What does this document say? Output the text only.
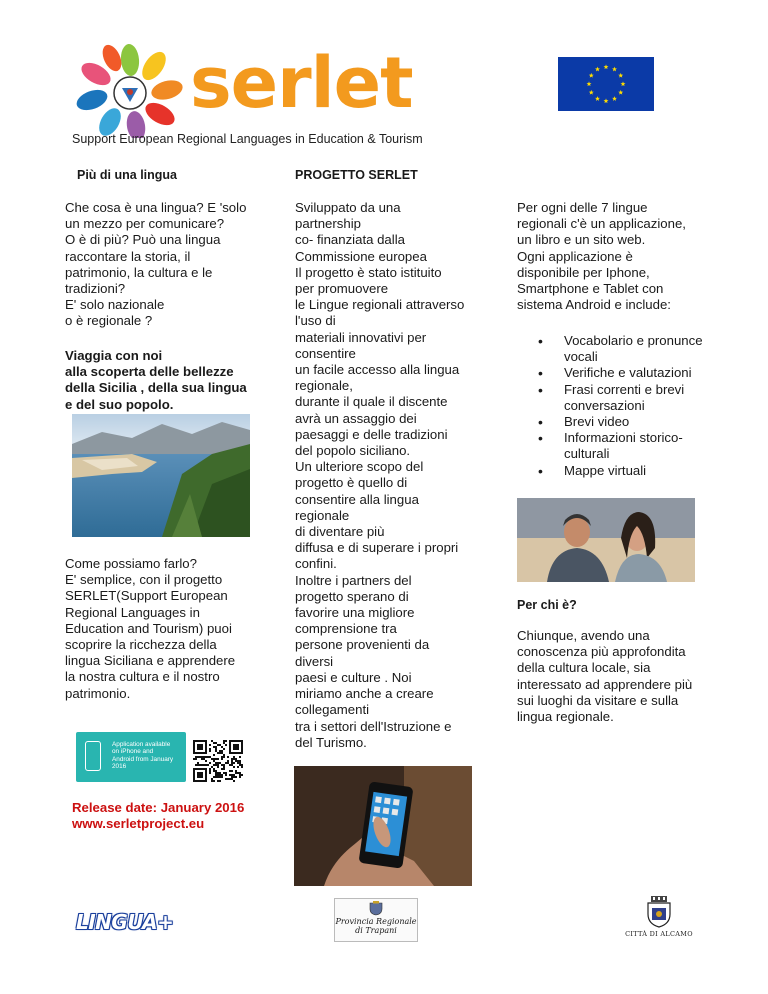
serlet
Support European Regional Languages in Education & Tourism
Più di una lingua
Che cosa è una lingua? E 'solo
un mezzo per comunicare?
O è di più? Può una lingua
raccontare la storia, il
patrimonio, la cultura e le
tradizioni?
E' solo nazionale
o è regionale ?
Viaggia con noi
alla scoperta delle bellezze
della Sicilia , della sua lingua
e del suo popolo.
Come possiamo farlo?
E' semplice, con il progetto
SERLET(Support European
Regional Languages in
Education and Tourism) puoi
scoprire la ricchezza della
lingua Siciliana e apprendere
la nostra cultura e il nostro
patrimonio.
Application available
on iPhone and
Android from January
2016
Release date: January 2016
www.serletproject.eu
PROGETTO SERLET
Sviluppato da una
partnership
co- finanziata dalla
Commissione europea
Il progetto è stato istituito
per promuovere
le Lingue regionali attraverso
l'uso di
materiali innovativi per
consentire
un facile accesso alla lingua
regionale,
durante il quale il discente
avrà un assaggio dei
paesaggi e delle tradizioni
del popolo siciliano.
Un ulteriore scopo del
progetto è quello di
consentire alla lingua
regionale
di diventare più
diffusa e di superare i propri
confini.
Inoltre i partners del
progetto sperano di
favorire una migliore
comprensione tra
persone provenienti da
diversi
paesi e culture . Noi
miriamo anche a creare
collegamenti
tra i settori dell'Istruzione e
del Turismo.
Per ogni delle 7 lingue
regionali c'è un applicazione,
un libro e un sito web.
Ogni applicazione è
disponibile per Iphone,
Smartphone e Tablet con
sistema Android e include:
• Vocabolario e pronunce vocali
• Verifiche e valutazioni
• Frasi correnti e brevi conversazioni
• Brevi video
• Informazioni storico-culturali
• Mappe virtuali
Per chi è?
Chiunque, avendo una
conoscenza più approfondita
della cultura locale, sia
interessato ad apprendere più
sui luoghi da visitare e sulla
lingua regionale.
LINGUA+	Provincia Regionale
di Trapani	CITTÀ DI ALCAMO
